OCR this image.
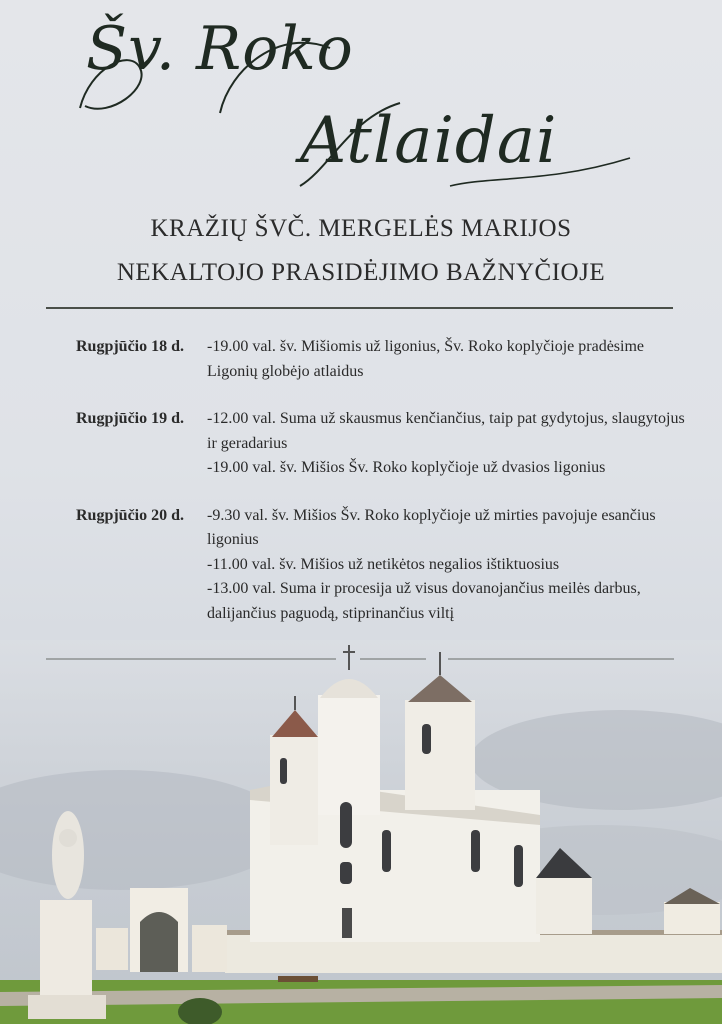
Šv. Roko
Atlaidai
KRAŽIŲ ŠVČ. MERGELĖS MARIJOS
NEKALTOJO PRASIDĖJIMO BAŽNYČIOJE
Rugpjūčio 18 d.	-19.00 val. šv. Mišiomis už ligonius, Šv. Roko koplyčioje pradėsime Ligonių globėjo atlaidus
Rugpjūčio 19 d.	-12.00 val. Suma už skausmus kenčiančius, taip pat gydytojus, slaugytojus ir geradarius
-19.00 val. šv. Mišios Šv. Roko koplyčioje už dvasios ligonius
Rugpjūčio 20 d.	-9.30 val. šv. Mišios Šv. Roko koplyčioje už mirties pavojuje esančius ligonius
-11.00 val. šv. Mišios už netikėtos negalios ištiktuosius
-13.00 val. Suma ir procesija už visus dovanojančius meilės darbus, dalijančius paguodą, stiprinančius viltį
